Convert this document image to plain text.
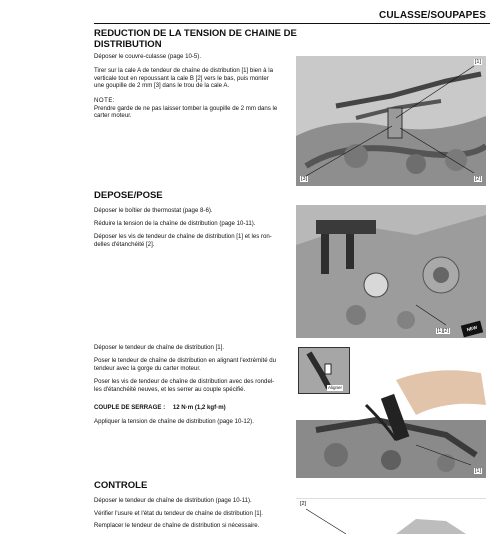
CULASSE/SOUPAPES
REDUCTION DE LA TENSION DE CHAINE DE
DISTRIBUTION
Déposer le couvre-culasse (page 10-5).
Tirer sur la cale A de tendeur de chaîne de distribution [1] bien à la
verticale tout en repoussant la cale B [2] vers le bas, puis monter
une goupille de 2 mm [3] dans le trou de la cale A.
NOTE:
Prendre garde de ne pas laisser tomber la goupille de 2 mm dans le
carter moteur.
[1]
[2]
[3]
DEPOSE/POSE
Déposer le boîtier de thermostat (page 8-6).
Réduire la tension de la chaîne de distribution (page 10-11).
Déposer les vis de tendeur de chaîne de distribution [1] et les ron-
delles d'étanchéité [2].
[1][2]	NEW
Déposer le tendeur de chaîne de distribution [1].
Poser le tendeur de chaîne de distribution en alignant l'extrémité du
tendeur avec la gorge du carter moteur.
Poser les vis de tendeur de chaîne de distribution avec des rondel-
les d'étanchéité neuves, et les serrer au couple spécifié.
COUPLE DE SERRAGE : 12 N·m (1,2 kgf·m)
Appliquer la tension de chaîne de distribution (page 10-12).
Aligner
[1]
CONTROLE
Déposer le tendeur de chaîne de distribution (page 10-11).
Vérifier l'usure et l'état du tendeur de chaîne de distribution [1].
Remplacer le tendeur de chaîne de distribution si nécessaire.
[2]
